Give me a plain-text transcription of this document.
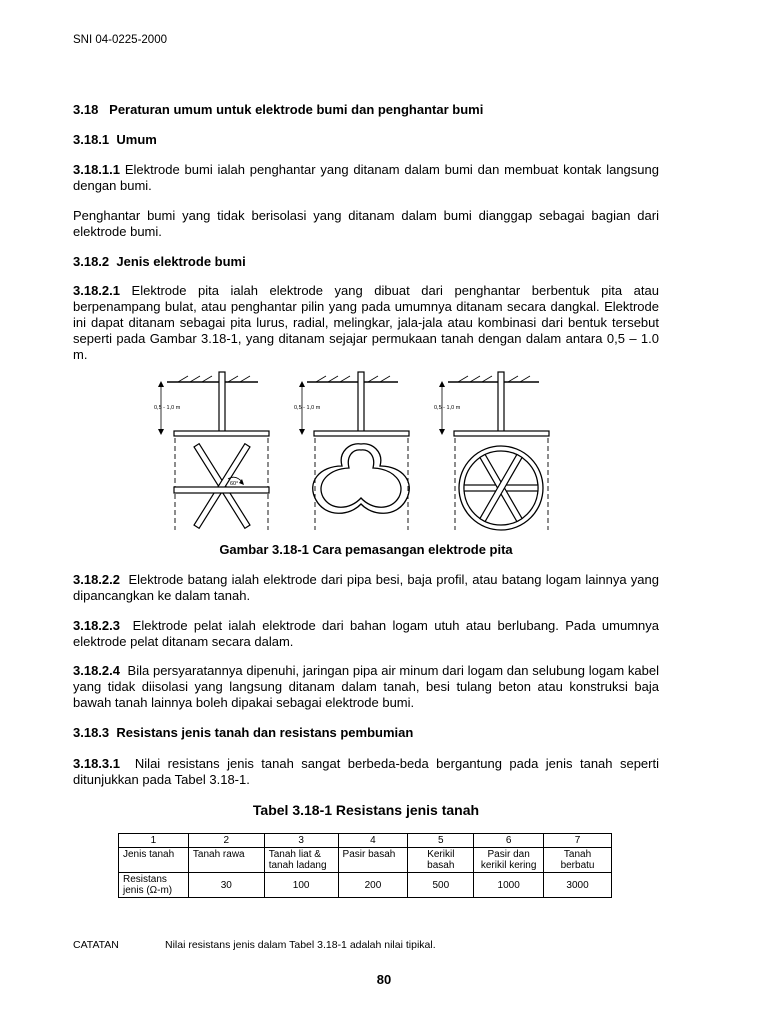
SNI 04-0225-2000
3.18 Peraturan umum untuk elektrode bumi dan penghantar bumi
3.18.1 Umum
3.18.1.1 Elektrode bumi ialah penghantar yang ditanam dalam bumi dan membuat kontak langsung dengan bumi.
Penghantar bumi yang tidak berisolasi yang ditanam dalam bumi dianggap sebagai bagian dari elektrode bumi.
3.18.2 Jenis elektrode bumi
3.18.2.1 Elektrode pita ialah elektrode yang dibuat dari penghantar berbentuk pita atau berpenampang bulat, atau penghantar pilin yang pada umumnya ditanam secara dangkal. Elektrode ini dapat ditanam sebagai pita lurus, radial, melingkar, jala-jala atau kombinasi dari bentuk tersebut seperti pada Gambar 3.18-1, yang ditanam sejajar permukaan tanah dengan dalam antara 0,5 – 1.0 m.
60°
0,5 - 1,0 m	0,5 - 1,0 m	0,5 - 1,0 m
Gambar 3.18-1 Cara pemasangan elektrode pita
3.18.2.2 Elektrode batang ialah elektrode dari pipa besi, baja profil, atau batang logam lainnya yang dipancangkan ke dalam tanah.
3.18.2.3 Elektrode pelat ialah elektrode dari bahan logam utuh atau berlubang. Pada umumnya elektrode pelat ditanam secara dalam.
3.18.2.4 Bila persyaratannya dipenuhi, jaringan pipa air minum dari logam dan selubung logam kabel yang tidak diisolasi yang langsung ditanam dalam tanah, besi tulang beton atau konstruksi baja bawah tanah lainnya boleh dipakai sebagai elektrode bumi.
3.18.3 Resistans jenis tanah dan resistans pembumian
3.18.3.1 Nilai resistans jenis tanah sangat berbeda-beda bergantung pada jenis tanah seperti ditunjukkan pada Tabel 3.18-1.
Tabel 3.18-1 Resistans jenis tanah
1	2	3	4	5	6	7
Jenis tanah	Tanah rawa	Tanah liat & tanah ladang	Pasir basah	Kerikil basah	Pasir dan kerikil kering	Tanah berbatu
Resistans jenis (Ω-m)	30	100	200	500	1000	3000
CATATAN	Nilai resistans jenis dalam Tabel 3.18-1 adalah nilai tipikal.
80
